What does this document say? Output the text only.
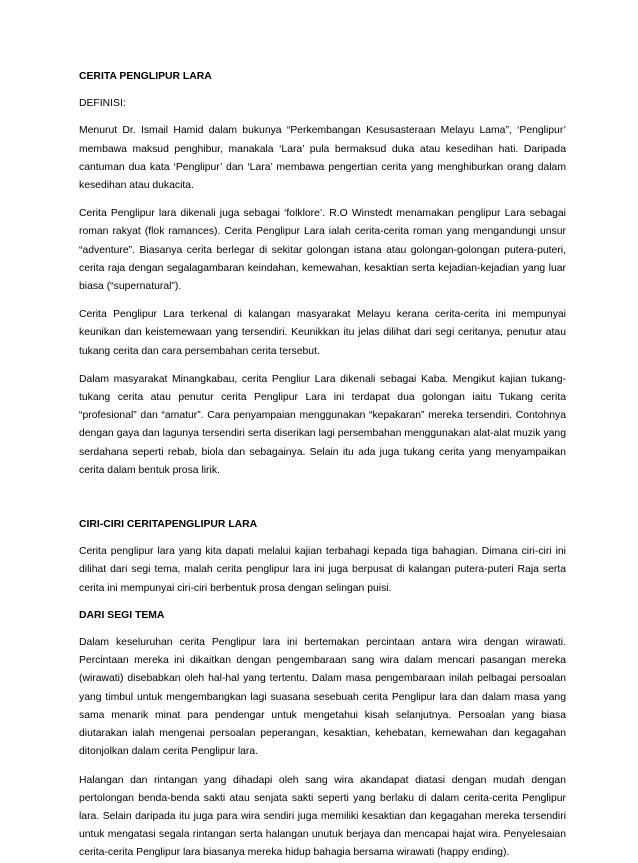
CERITA PENGLIPUR LARA

DEFINISI:

Menurut Dr. Ismail Hamid dalam bukunya “Perkembangan Kesusasteraan Melayu Lama”, ‘Penglipur’ membawa maksud penghibur, manakala ‘Lara’ pula bermaksud duka atau kesedihan hati. Daripada cantuman dua kata ‘Penglipur’ dan ‘Lara’ membawa pengertian cerita yang menghiburkan orang dalam kesedihan atau dukacita.

Cerita Penglipur lara dikenali juga sebagai ‘folklore’. R.O Winstedt menamakan penglipur Lara sebagai roman rakyat (flok ramances). Cerita Penglipur Lara ialah cerita-cerita roman yang mengandungi unsur “adventure”. Biasanya cerita berlegar di sekitar golongan istana atau golongan-golongan putera-puteri, cerita raja dengan segalagambaran keindahan, kemewahan, kesaktian serta kejadian-kejadian yang luar biasa (“supernatural”).

Cerita Penglipur Lara terkenal di kalangan masyarakat Melayu kerana cerita-cerita ini mempunyai keunikan dan keistemewaan yang tersendiri. Keunikkan itu jelas dilihat dari segi ceritanya, penutur atau tukang cerita dan cara persembahan cerita tersebut.

Dalam masyarakat Minangkabau, cerita Pengliur Lara dikenali sebagai Kaba. Mengikut kajian tukang-tukang cerita atau penutur cerita Penglipur Lara ini terdapat dua golongan iaitu Tukang cerita “profesional” dan “amatur”. Cara penyampaian menggunakan “kepakaran” mereka tersendiri. Contohnya dengan gaya dan lagunya tersendiri serta diserikan lagi persembahan menggunakan alat-alat muzik yang serdahana seperti rebab, biola dan sebagainya. Selain itu ada juga tukang cerita yang menyampaikan cerita dalam bentuk prosa lirik.

CIRI-CIRI CERITAPENGLIPUR LARA

Cerita penglipur lara yang kita dapati melalui kajian terbahagi kepada tiga bahagian. Dimana ciri-ciri ini dilihat dari segi tema, malah cerita penglipur lara ini juga berpusat di kalangan putera-puteri Raja serta cerita ini mempunyai ciri-ciri berbentuk prosa dengan selingan puisi.

DARI SEGI TEMA

Dalam keseluruhan cerita Penglipur lara ini bertemakan percintaan antara wira dengan wirawati. Percintaan mereka ini dikaitkan dengan pengembaraan sang wira dalam mencari pasangan mereka (wirawati) disebabkan oleh hal-hal yang tertentu. Dalam masa pengembaraan inilah pelbagai persoalan yang timbul untuk mengembangkan lagi suasana sesebuah cerita Penglipur lara dan dalam masa yang sama menarik minat para pendengar untuk mengetahui kisah selanjutnya. Persoalan yang biasa diutarakan ialah mengenai persoalan peperangan, kesaktian, kehebatan, kemewahan dan kegagahan ditonjolkan dalam cerita Penglipur lara.

Halangan dan rintangan yang dihadapi oleh sang wira akandapat diatasi dengan mudah dengan pertolongan benda-benda sakti atau senjata sakti seperti yang berlaku di dalam cerita-cerita Penglipur lara. Selain daripada itu juga para wira sendiri juga memiliki kesaktian dan kegagahan mereka tersendiri untuk mengatasi segala rintangan serta halangan unutuk berjaya dan mencapai hajat wira. Penyelesaian cerita-cerita Penglipur lara biasanya mereka hidup bahagia bersama wirawati (happy ending).
